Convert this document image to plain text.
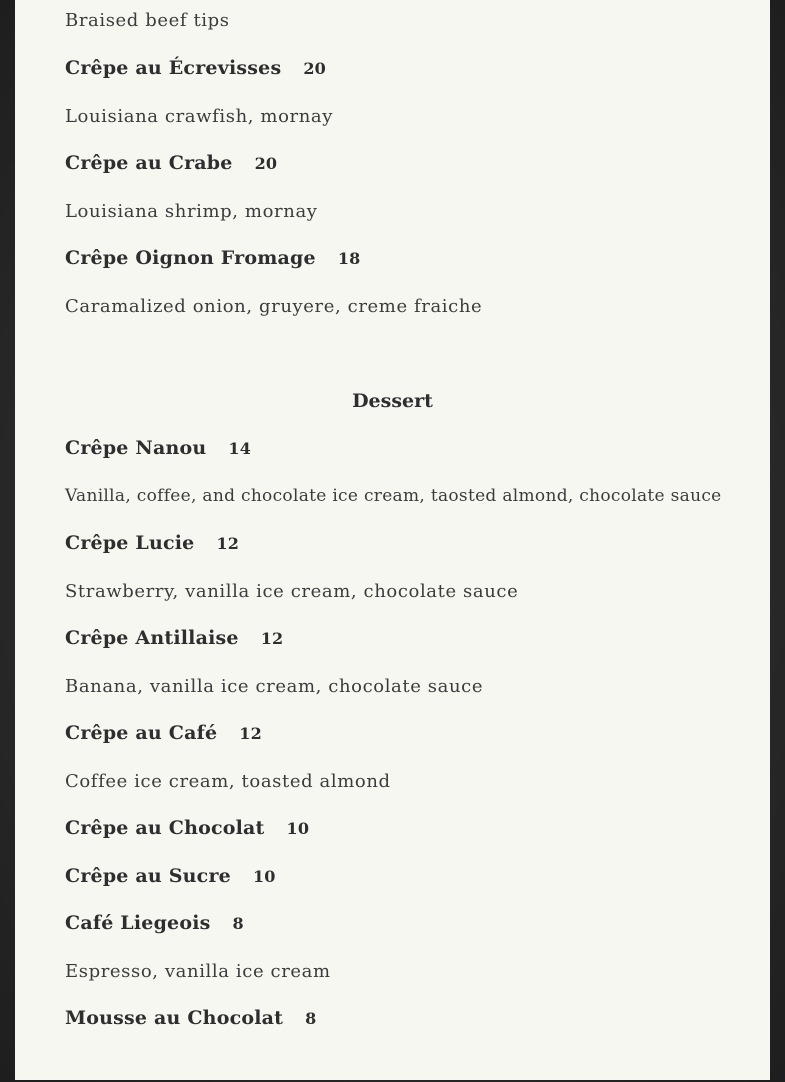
Braised beef tips
Crêpe au Écrevisses 20
Louisiana crawfish, mornay
Crêpe au Crabe 20
Louisiana shrimp, mornay
Crêpe Oignon Fromage 18
Caramalized onion, gruyere, creme fraiche
Dessert
Crêpe Nanou 14
Vanilla, coffee, and chocolate ice cream, taosted almond, chocolate sauce
Crêpe Lucie 12
Strawberry, vanilla ice cream, chocolate sauce
Crêpe Antillaise 12
Banana, vanilla ice cream, chocolate sauce
Crêpe au Café 12
Coffee ice cream, toasted almond
Crêpe au Chocolat 10
Crêpe au Sucre 10
Café Liegeois 8
Espresso, vanilla ice cream
Mousse au Chocolat 8
